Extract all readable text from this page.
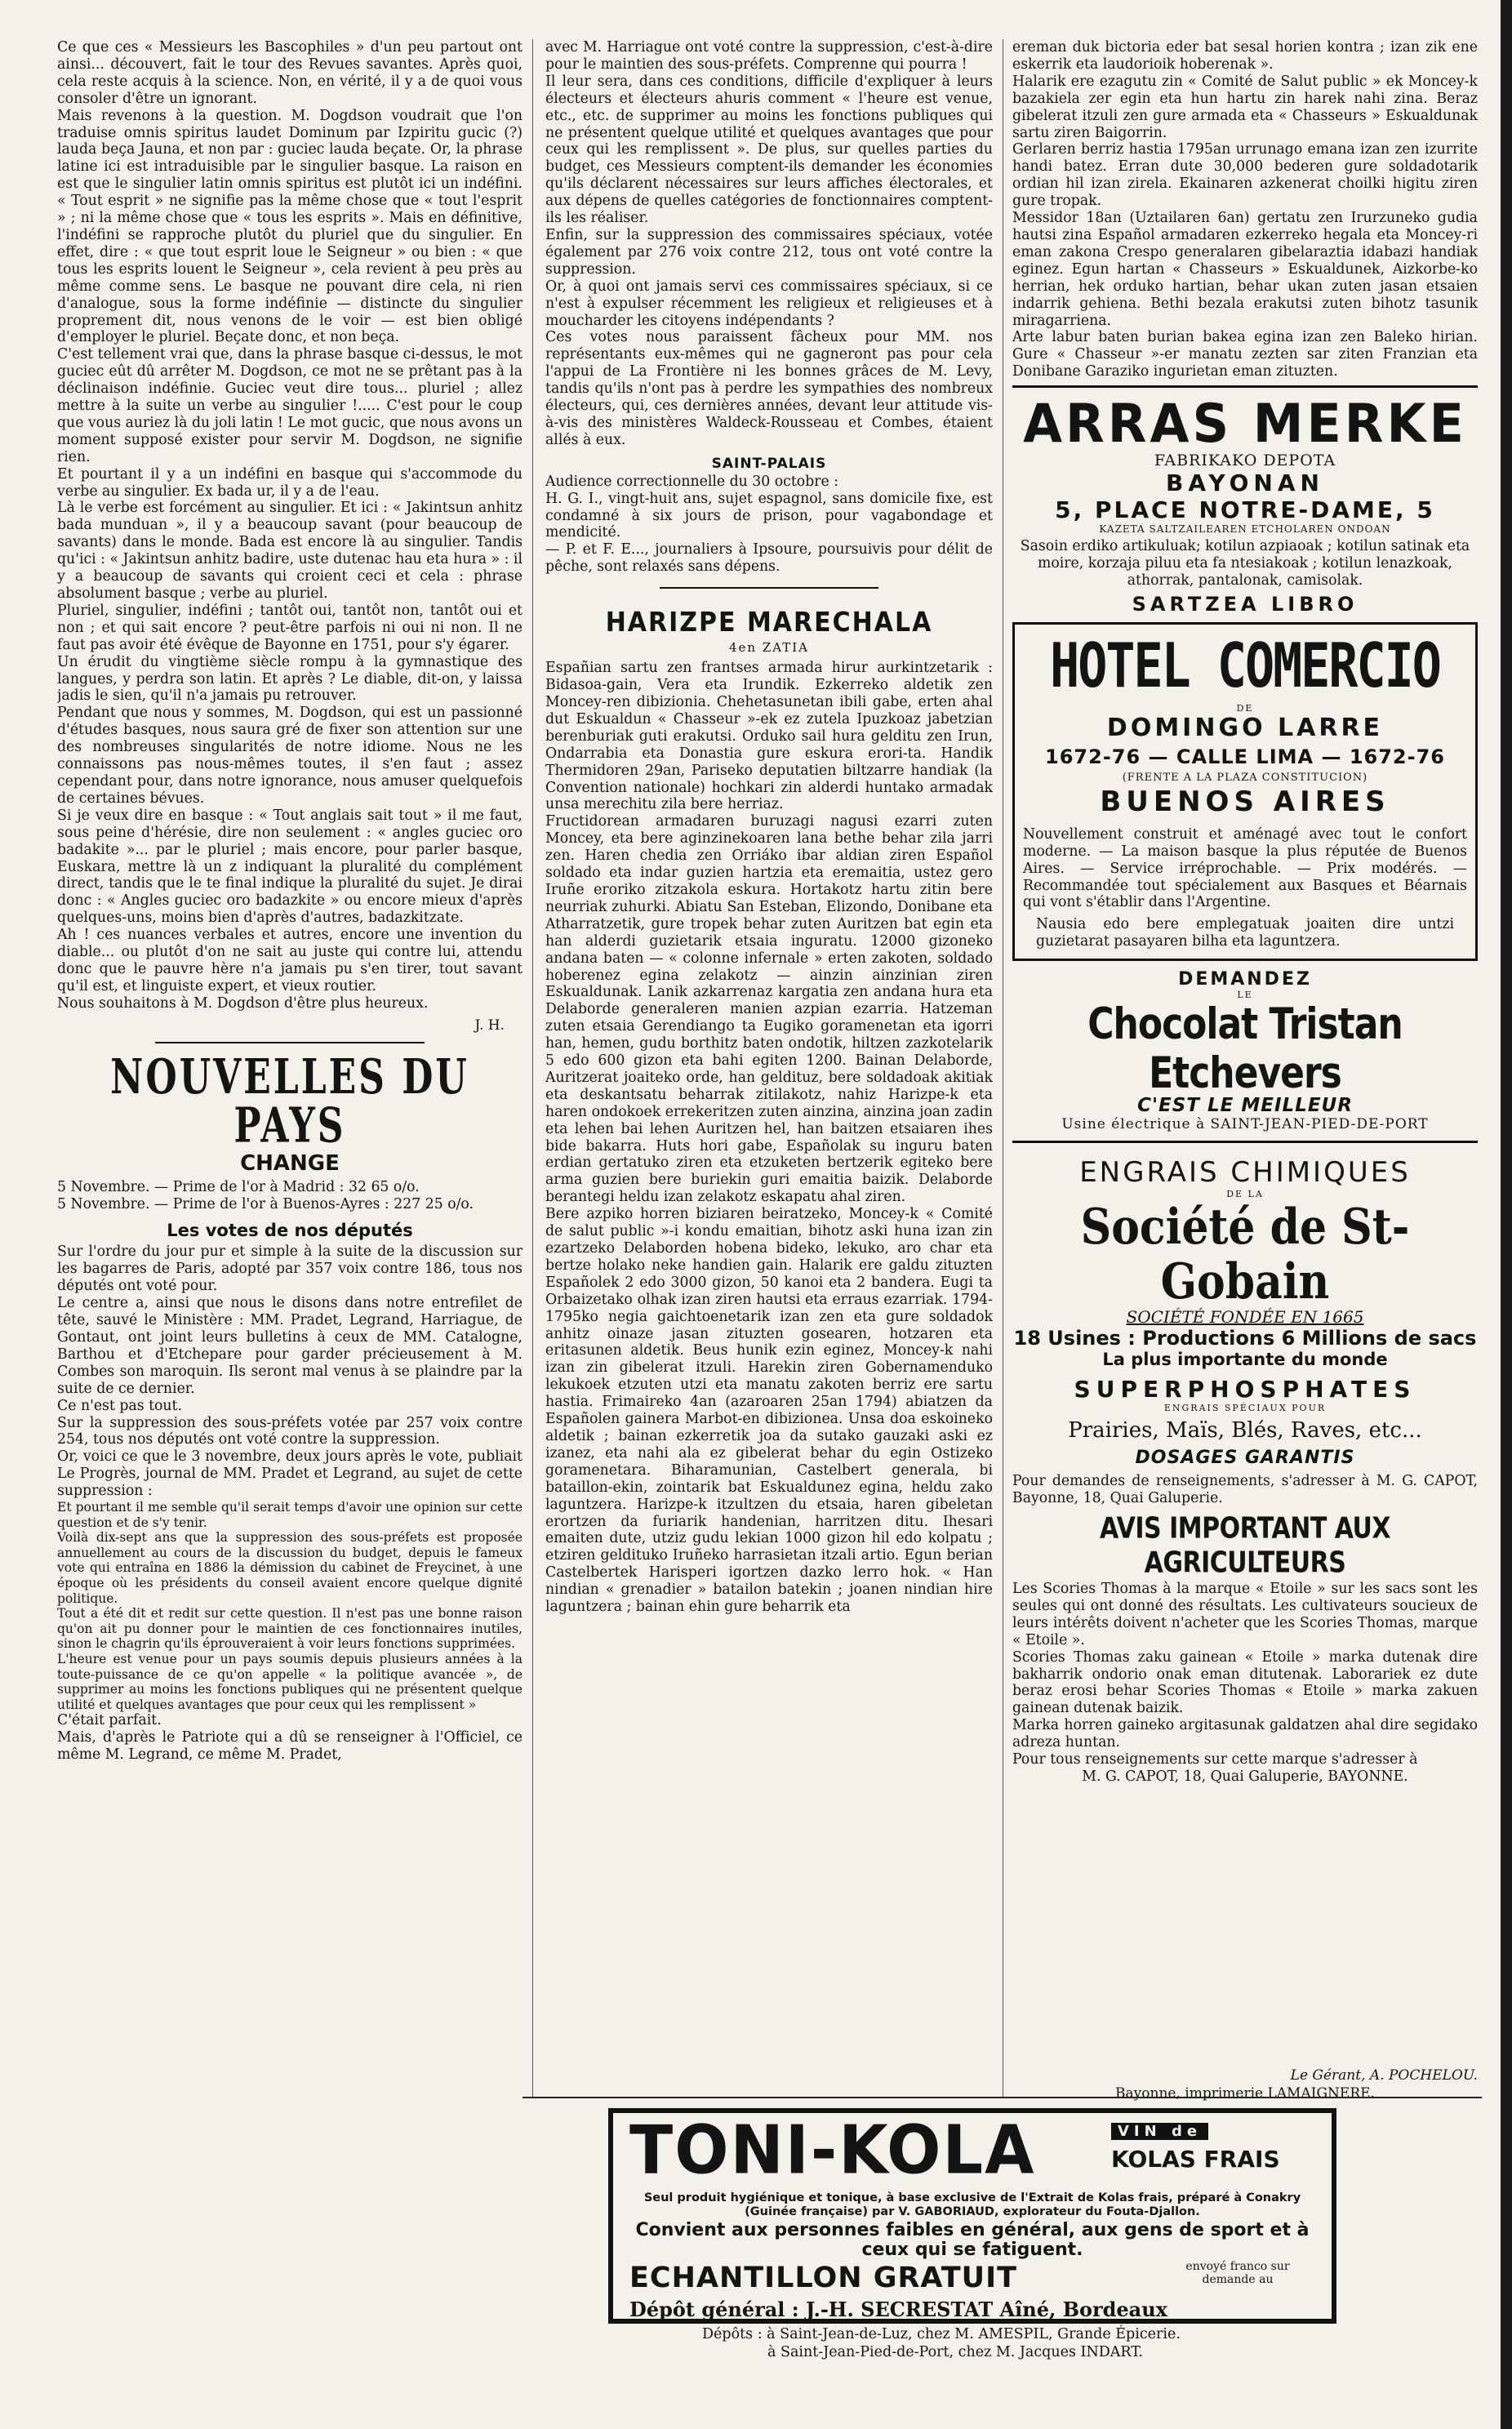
Ce que ces « Messieurs les Bascophiles » d'un peu partout ont ainsi... découvert, fait le tour des Revues savantes. Après quoi, cela reste acquis à la science. Non, en vérité, il y a de quoi vous consoler d'être un ignorant.

Mais revenons à la question. M. Dogdson voudrait que l'on traduise omnis spiritus laudet Dominum par Izpiritu gucic (?) lauda beça Jauna, et non par : guciec lauda beçate. Or, la phrase latine ici est intraduisible par le singulier basque. La raison en est que le singulier latin omnis spiritus est plutôt ici un indéfini. « Tout esprit » ne signifie pas la même chose que « tout l'esprit » ; ni la même chose que « tous les esprits ». Mais en définitive, l'indéfini se rapproche plutôt du pluriel que du singulier. En effet, dire : « que tout esprit loue le Seigneur » ou bien : « que tous les esprits louent le Seigneur », cela revient à peu près au même comme sens. Le basque ne pouvant dire cela, ni rien d'analogue, sous la forme indéfinie — distincte du singulier proprement dit, nous venons de le voir — est bien obligé d'employer le pluriel. Beçate donc, et non beça.

C'est tellement vrai que, dans la phrase basque ci-dessus, le mot guciec eût dû arrêter M. Dogdson, ce mot ne se prêtant pas à la déclinaison indéfinie. Guciec veut dire tous... pluriel ; allez mettre à la suite un verbe au singulier !..... C'est pour le coup que vous auriez là du joli latin ! Le mot gucic, que nous avons un moment supposé exister pour servir M. Dogdson, ne signifie rien.

Et pourtant il y a un indéfini en basque qui s'accommode du verbe au singulier. Ex bada ur, il y a de l'eau.

Là le verbe est forcément au singulier. Et ici : « Jakintsun anhitz bada munduan », il y a beaucoup savant (pour beaucoup de savants) dans le monde. Bada est encore là au singulier. Tandis qu'ici : « Jakintsun anhitz badire, uste dutenac hau eta hura » : il y a beaucoup de savants qui croient ceci et cela : phrase absolument basque ; verbe au pluriel.

Pluriel, singulier, indéfini ; tantôt oui, tantôt non, tantôt oui et non ; et qui sait encore ? peut-être parfois ni oui ni non. Il ne faut pas avoir été évêque de Bayonne en 1751, pour s'y égarer.

Un érudit du vingtième siècle rompu à la gymnastique des langues, y perdra son latin. Et après ? Le diable, dit-on, y laissa jadis le sien, qu'il n'a jamais pu retrouver.

Pendant que nous y sommes, M. Dogdson, qui est un passionné d'études basques, nous saura gré de fixer son attention sur une des nombreuses singularités de notre idiome. Nous ne les connaissons pas nous-mêmes toutes, il s'en faut ; assez cependant pour, dans notre ignorance, nous amuser quelquefois de certaines bévues.

Si je veux dire en basque : « Tout anglais sait tout » il me faut, sous peine d'hérésie, dire non seulement : « angles guciec oro badakite »... par le pluriel ; mais encore, pour parler basque, Euskara, mettre là un z indiquant la pluralité du complément direct, tandis que le te final indique la pluralité du sujet. Je dirai donc : « Angles guciec oro badazkite » ou encore mieux d'après quelques-uns, moins bien d'après d'autres, badazkitzate.

Ah ! ces nuances verbales et autres, encore une invention du diable... ou plutôt d'on ne sait au juste qui contre lui, attendu donc que le pauvre hère n'a jamais pu s'en tirer, tout savant qu'il est, et linguiste expert, et vieux routier.

Nous souhaitons à M. Dogdson d'être plus heureux.

J. H.
NOUVELLES DU PAYS
CHANGE

5 Novembre. — Prime de l'or à Madrid : 32 65 o/o.

5 Novembre. — Prime de l'or à Buenos-Ayres : 227 25 o/o.

Les votes de nos députés

Sur l'ordre du jour pur et simple à la suite de la discussion sur les bagarres de Paris, adopté par 357 voix contre 186, tous nos députés ont voté pour.

Le centre a, ainsi que nous le disons dans notre entrefilet de tête, sauvé le Ministère : MM. Pradet, Legrand, Harriague, de Gontaut, ont joint leurs bulletins à ceux de MM. Catalogne, Barthou et d'Etchepare pour garder précieusement à M. Combes son maroquin. Ils seront mal venus à se plaindre par la suite de ce dernier.

Ce n'est pas tout.

Sur la suppression des sous-préfets votée par 257 voix contre 254, tous nos députés ont voté contre la suppression.

Or, voici ce que le 3 novembre, deux jours après le vote, publiait Le Progrès, journal de MM. Pradet et Legrand, au sujet de cette suppression :

Et pourtant il me semble qu'il serait temps d'avoir une opinion sur cette question et de s'y tenir.

Voilà dix-sept ans que la suppression des sous-préfets est proposée annuellement au cours de la discussion du budget, depuis le fameux vote qui entraîna en 1886 la démission du cabinet de Freycinet, à une époque où les présidents du conseil avaient encore quelque dignité politique.

Tout a été dit et redit sur cette question. Il n'est pas une bonne raison qu'on ait pu donner pour le maintien de ces fonctionnaires inutiles, sinon le chagrin qu'ils éprouveraient à voir leurs fonctions supprimées.

L'heure est venue pour un pays soumis depuis plusieurs années à la toute-puissance de ce qu'on appelle « la politique avancée », de supprimer au moins les fonctions publiques qui ne présentent quelque utilité et quelques avantages que pour ceux qui les remplissent »

C'était parfait.

Mais, d'après le Patriote qui a dû se renseigner à l'Officiel, ce même M. Legrand, ce même M. Pradet,

avec M. Harriague ont voté contre la suppression, c'est-à-dire pour le maintien des sous-préfets. Comprenne qui pourra !

Il leur sera, dans ces conditions, difficile d'expliquer à leurs électeurs et électeurs ahuris comment « l'heure est venue, etc., etc. de supprimer au moins les fonctions publiques qui ne présentent quelque utilité et quelques avantages que pour ceux qui les remplissent ». De plus, sur quelles parties du budget, ces Messieurs comptent-ils demander les économies qu'ils déclarent nécessaires sur leurs affiches électorales, et aux dépens de quelles catégories de fonctionnaires comptent-ils les réaliser.

Enfin, sur la suppression des commissaires spéciaux, votée également par 276 voix contre 212, tous ont voté contre la suppression.

Or, à quoi ont jamais servi ces commissaires spéciaux, si ce n'est à expulser récemment les religieux et religieuses et à moucharder les citoyens indépendants ?

Ces votes nous paraissent fâcheux pour MM. nos représentants eux-mêmes qui ne gagneront pas pour cela l'appui de La Frontière ni les bonnes grâces de M. Levy, tandis qu'ils n'ont pas à perdre les sympathies des nombreux électeurs, qui, ces dernières années, devant leur attitude vis-à-vis des ministères Waldeck-Rousseau et Combes, étaient allés à eux.

SAINT-PALAIS

Audience correctionnelle du 30 octobre :

H. G. I., vingt-huit ans, sujet espagnol, sans domicile fixe, est condamné à six jours de prison, pour vagabondage et mendicité.

— P. et F. E..., journaliers à Ipsoure, poursuivis pour délit de pêche, sont relaxés sans dépens.

HARIZPE MARECHALA
4en ZATIA

Españian sartu zen frantses armada hirur aurkintzetarik : Bidasoa-gain, Vera eta Irundik. Ezkerreko aldetik zen Moncey-ren dibizionia. Chehetasunetan ibili gabe, erten ahal dut Eskualdun « Chasseur »-ek ez zutela Ipuzkoaz jabetzian berenburiak guti erakutsi. Orduko sail hura gelditu zen Irun, Ondarrabia eta Donastia gure eskura erori-ta. Handik Thermidoren 29an, Pariseko deputatien biltzarre handiak (la Convention nationale) hochkari zin alderdi huntako armadak unsa merechitu zila bere herriaz.

Fructidorean armadaren buruzagi nagusi ezarri zuten Moncey, eta bere aginzinekoaren lana bethe behar zila jarri zen. Haren chedia zen Orriáko ibar aldian ziren Español soldado eta indar guzien hartzia eta eremaitia, ustez gero Iruñe eroriko zitzakola eskura. Hortakotz hartu zitin bere neurriak zuhurki. Abiatu San Esteban, Elizondo, Donibane eta Atharratzetik, gure tropek behar zuten Auritzen bat egin eta han alderdi guzietarik etsaia inguratu. 12000 gizoneko andana baten — « colonne infernale » erten zakoten, soldado hoberenez egina zelakotz — ainzin ainzinian ziren Eskualdunak. Lanik azkarrenaz kargatia zen andana hura eta Delaborde generaleren manien azpian ezarria. Hatzeman zuten etsaia Gerendiango ta Eugiko goramenetan eta igorri han, hemen, gudu borthitz baten ondotik, hiltzen zazkotelarik 5 edo 600 gizon eta bahi egiten 1200. Bainan Delaborde, Auritzerat joaiteko orde, han geldituz, bere soldadoak akitiak eta deskantsatu beharrak zitilakotz, nahiz Harizpe-k eta haren ondokoek errekeritzen zuten ainzina, ainzina joan zadin eta lehen bai lehen Auritzen hel, han baitzen etsaiaren ihes bide bakarra. Huts hori gabe, Españolak su inguru baten erdian gertatuko ziren eta etzuketen bertzerik egiteko bere arma guzien bere buriekin guri emaitia baizik. Delaborde berantegi heldu izan zelakotz eskapatu ahal ziren.

Bere azpiko horren biziaren beiratzeko, Moncey-k « Comité de salut public »-i kondu emaitian, bihotz aski huna izan zin ezartzeko Delaborden hobena bideko, lekuko, aro char eta bertze holako neke handien gain. Halarik ere galdu zituzten Españolek 2 edo 3000 gizon, 50 kanoi eta 2 bandera. Eugi ta Orbaizetako olhak izan ziren hautsi eta erraus ezarriak. 1794-1795ko negia gaichtoenetarik izan zen eta gure soldadok anhitz oinaze jasan zituzten gosearen, hotzaren eta eritasunen aldetik. Beus hunik ezin eginez, Moncey-k nahi izan zin gibelerat itzuli. Harekin ziren Gobernamenduko lekukoek etzuten utzi eta manatu zakoten berriz ere sartu hastia. Frimaireko 4an (azaroaren 25an 1794) abiatzen da Españolen gainera Marbot-en dibizionea. Unsa doa eskoineko aldetik ; bainan ezkerretik joa da sutako gauzaki aski ez izanez, eta nahi ala ez gibelerat behar du egin Ostizeko goramenetara. Biharamunian, Castelbert generala, bi bataillon-ekin, zointarik bat Eskualdunez egina, heldu zako laguntzera. Harizpe-k itzultzen du etsaia, haren gibeletan erortzen da furiarik handenian, harritzen ditu. Ihesari emaiten dute, utziz gudu lekian 1000 gizon hil edo kolpatu ; etziren geldituko Iruñeko harrasietan itzali artio. Egun berian Castelbertek Harisperi igortzen dazko lerro hok. « Han nindian « grenadier » batailon batekin ; joanen nindian hire laguntzera ; bainan ehin gure beharrik eta

ereman duk bictoria eder bat sesal horien kontra ; izan zik ene eskerrik eta laudorioik hoberenak ».

Halarik ere ezagutu zin « Comité de Salut public » ek Moncey-k bazakiela zer egin eta hun hartu zin harek nahi zina. Beraz gibelerat itzuli zen gure armada eta « Chasseurs » Eskualdunak sartu ziren Baigorrin.

Gerlaren berriz hastia 1795an urrunago emana izan zen izurrite handi batez. Erran dute 30,000 bederen gure soldadotarik ordian hil izan zirela. Ekainaren azkenerat choilki higitu ziren gure tropak.

Messidor 18an (Uztailaren 6an) gertatu zen Irurzuneko gudia hautsi zina Español armadaren ezkerreko hegala eta Moncey-ri eman zakona Crespo generalaren gibelaraztia idabazi handiak eginez. Egun hartan « Chasseurs » Eskualdunek, Aizkorbe-ko herrian, hek orduko hartian, behar ukan zuten jasan etsaien indarrik gehiena. Bethi bezala erakutsi zuten bihotz tasunik miragarriena.

Arte labur baten burian bakea egina izan zen Baleko hirian. Gure « Chasseur »-er manatu zezten sar ziten Franzian eta Donibane Garaziko ingurietan eman zituzten.

ARRAS MERKE
FABRIKAKO DEPOTA
BAYONAN
5, PLACE NOTRE-DAME, 5
KAZETA SALTZAILEAREN ETCHOLAREN ONDOAN

Sasoin erdiko artikuluak; kotilun azpiaoak ; kotilun satinak eta moire, korzaja piluu eta fa ntesiakoak ; kotilun lenazkoak, athorrak, pantalonak, camisolak.

SARTZEA LIBRO
HOTEL COMERCIO
DE
DOMINGO LARRE
1672-76 — CALLE LIMA — 1672-76
(FRENTE A LA PLAZA CONSTITUCION)
BUENOS AIRES

Nouvellement construit et aménagé avec tout le confort moderne. — La maison basque la plus réputée de Buenos Aires. — Service irréprochable. — Prix modérés. — Recommandée tout spécialement aux Basques et Béarnais qui vont s'établir dans l'Argentine.

Nausia edo bere emplegatuak joaiten dire untzi guzietarat pasayaren bilha eta laguntzera.

DEMANDEZ
LE
Chocolat Tristan Etchevers
C'EST LE MEILLEUR
Usine électrique à SAINT-JEAN-PIED-DE-PORT
ENGRAIS CHIMIQUES
DE LA
Société de St-Gobain
SOCIÉTÉ FONDÉE EN 1665
18 Usines : Productions 6 Millions de sacs
La plus importante du monde
SUPERPHOSPHATES
ENGRAIS SPÉCIAUX POUR
Prairies, Maïs, Blés, Raves, etc...
DOSAGES GARANTIS

Pour demandes de renseignements, s'adresser à M. G. CAPOT, Bayonne, 18, Quai Galuperie.

AVIS IMPORTANT AUX AGRICULTEURS

Les Scories Thomas à la marque « Etoile » sur les sacs sont les seules qui ont donné des résultats. Les cultivateurs soucieux de leurs intérêts doivent n'acheter que les Scories Thomas, marque « Etoile ».

Scories Thomas zaku gainean « Etoile » marka dutenak dire bakharrik ondorio onak eman ditutenak. Laborariek ez dute beraz erosi behar Scories Thomas « Etoile » marka zakuen gainean dutenak baizik.

Marka horren gaineko argitasunak galdatzen ahal dire segidako adreza huntan.

Pour tous renseignements sur cette marque s'adresser à

M. G. CAPOT, 18, Quai Galuperie, BAYONNE.

Le Gérant, A. POCHELOU.
Bayonne, imprimerie LAMAIGNERE.
TONI-KOLA	VIN de
KOLAS FRAIS
Seul produit hygiénique et tonique, à base exclusive de l'Extrait de Kolas frais, préparé à Conakry (Guinée française) par V. GABORIAUD, explorateur du Fouta-Djallon.
Convient aux personnes faibles en général, aux gens de sport et à ceux qui se fatiguent.
ECHANTILLON GRATUIT	envoyé franco sur demande au
Dépôt général : J.-H. SECRESTAT Aîné, Bordeaux
Dépôts : à Saint-Jean-de-Luz, chez M. AMESPIL, Grande Épicerie.
à Saint-Jean-Pied-de-Port, chez M. Jacques INDART.
